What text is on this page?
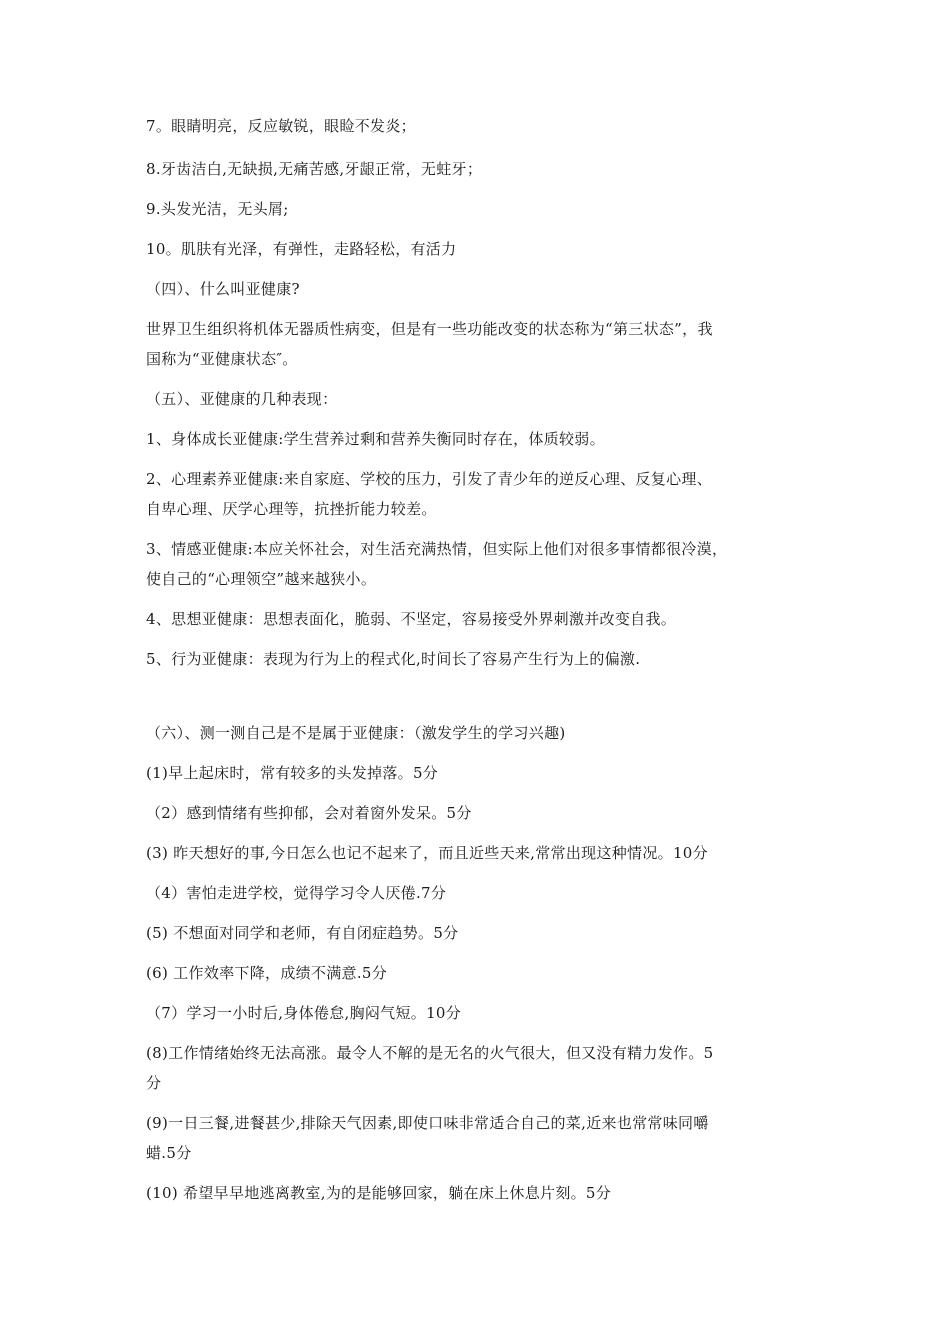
7。眼睛明亮，反应敏锐，眼睑不发炎；
8.牙齿洁白,无缺损,无痛苦感,牙龈正常，无蛀牙；
9.头发光洁，无头屑;
10。肌肤有光泽，有弹性，走路轻松，有活力
（四）、什么叫亚健康?
世界卫生组织将机体无器质性病变，但是有一些功能改变的状态称为“第三状态”，我
国称为“亚健康状态″。
（五）、亚健康的几种表现：
1、身体成长亚健康:学生营养过剩和营养失衡同时存在，体质较弱。
2、心理素养亚健康:来自家庭、学校的压力，引发了青少年的逆反心理、反复心理、
自卑心理、厌学心理等，抗挫折能力较差。
3、情感亚健康:本应关怀社会，对生活充满热情，但实际上他们对很多事情都很冷漠，
使自己的“心理领空”越来越狭小。
4、思想亚健康：思想表面化，脆弱、不坚定，容易接受外界刺激并改变自我。
5、行为亚健康：表现为行为上的程式化,时间长了容易产生行为上的偏激.
（六）、测一测自己是不是属于亚健康：（激发学生的学习兴趣)
(1)早上起床时，常有较多的头发掉落。5分
（2）感到情绪有些抑郁，会对着窗外发呆。5分
(3) 昨天想好的事,今日怎么也记不起来了，而且近些天来,常常出现这种情况。10分
（4）害怕走进学校，觉得学习令人厌倦.7分
(5) 不想面对同学和老师，有自闭症趋势。5分
(6) 工作效率下降，成绩不满意.5分
（7）学习一小时后,身体倦怠,胸闷气短。10分
(8)工作情绪始终无法高涨。最令人不解的是无名的火气很大，但又没有精力发作。5
分
(9)一日三餐,进餐甚少,排除天气因素,即使口味非常适合自己的菜,近来也常常味同嚼
蜡.5分
(10) 希望早早地逃离教室,为的是能够回家，躺在床上休息片刻。5分
